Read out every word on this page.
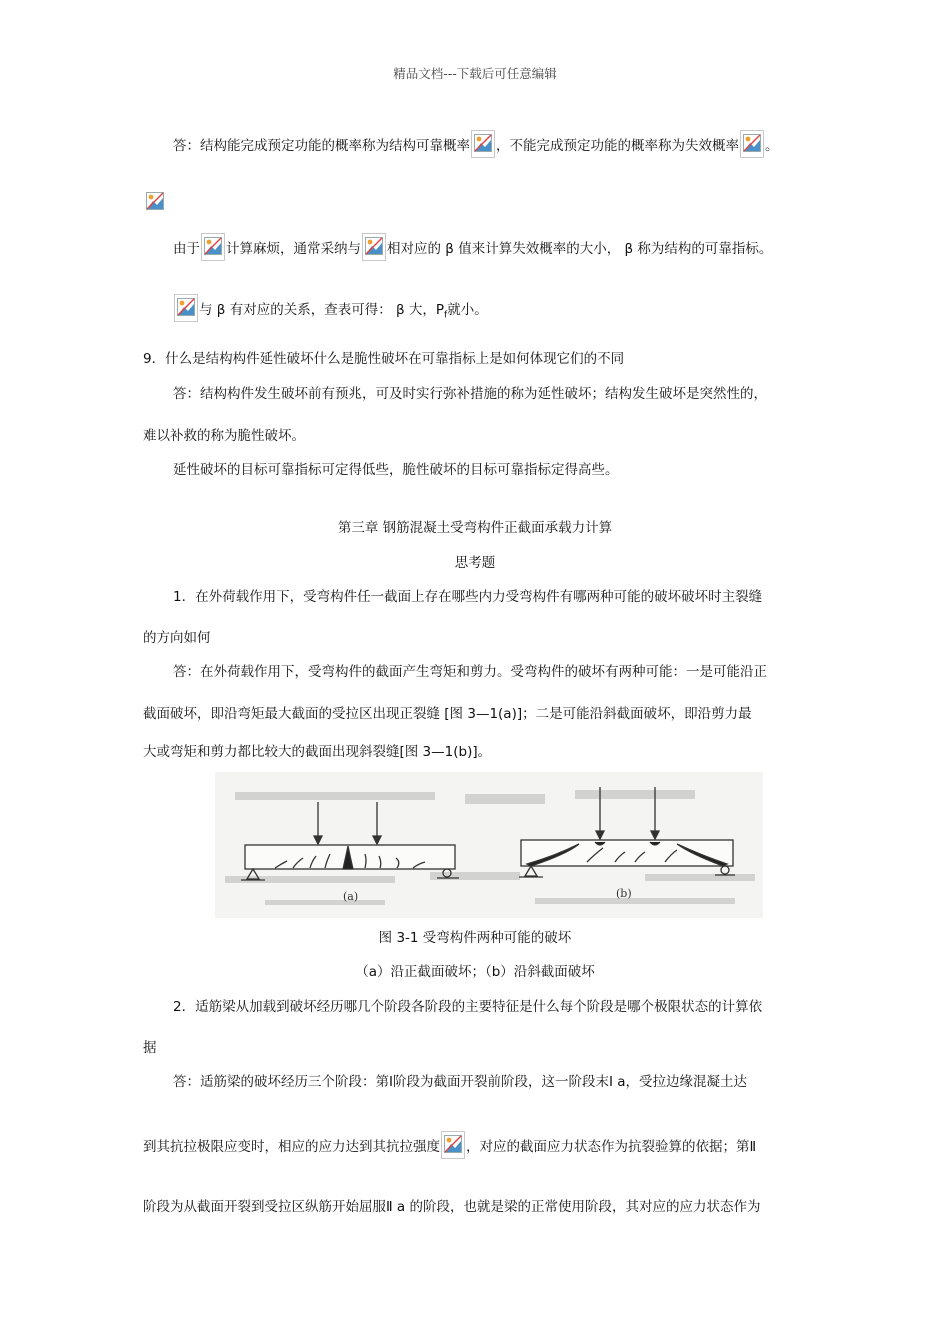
精品文档---下载后可任意编辑
答：结构能完成预定功能的概率称为结构可靠概率 ，不能完成预定功能的概率称为失效概率 。
由于 计算麻烦，通常采纳与 相对应的 β 值来计算失效概率的大小， β 称为结构的可靠指标。
与 β 有对应的关系，查表可得： β 大，$P_f$就小。
9．什么是结构构件延性破坏什么是脆性破坏在可靠指标上是如何体现它们的不同
答：结构构件发生破坏前有预兆，可及时实行弥补措施的称为延性破坏；结构发生破坏是突然性的，
难以补救的称为脆性破坏。
延性破坏的目标可靠指标可定得低些，脆性破坏的目标可靠指标定得高些。
第三章 钢筋混凝土受弯构件正截面承载力计算
思考题
1．在外荷载作用下，受弯构件任一截面上存在哪些内力受弯构件有哪两种可能的破坏破坏时主裂缝
的方向如何
答：在外荷载作用下，受弯构件的截面产生弯矩和剪力。受弯构件的破坏有两种可能：一是可能沿正
截面破坏，即沿弯矩最大截面的受拉区出现正裂缝 [图 3—1(a)]；二是可能沿斜截面破坏，即沿剪力最
大或弯矩和剪力都比较大的截面出现斜裂缝[图 3—1(b)]。
(a)	(b)
图 3-1 受弯构件两种可能的破坏
（a）沿正截面破坏；（b）沿斜截面破坏
2．适筋梁从加载到破坏经历哪几个阶段各阶段的主要特征是什么每个阶段是哪个极限状态的计算依
据
答：适筋梁的破坏经历三个阶段：第Ⅰ阶段为截面开裂前阶段，这一阶段末Ⅰ a，受拉边缘混凝土达
到其抗拉极限应变时，相应的应力达到其抗拉强度 ，对应的截面应力状态作为抗裂验算的依据；第Ⅱ
阶段为从截面开裂到受拉区纵筋开始屈服Ⅱ a 的阶段，也就是梁的正常使用阶段，其对应的应力状态作为
